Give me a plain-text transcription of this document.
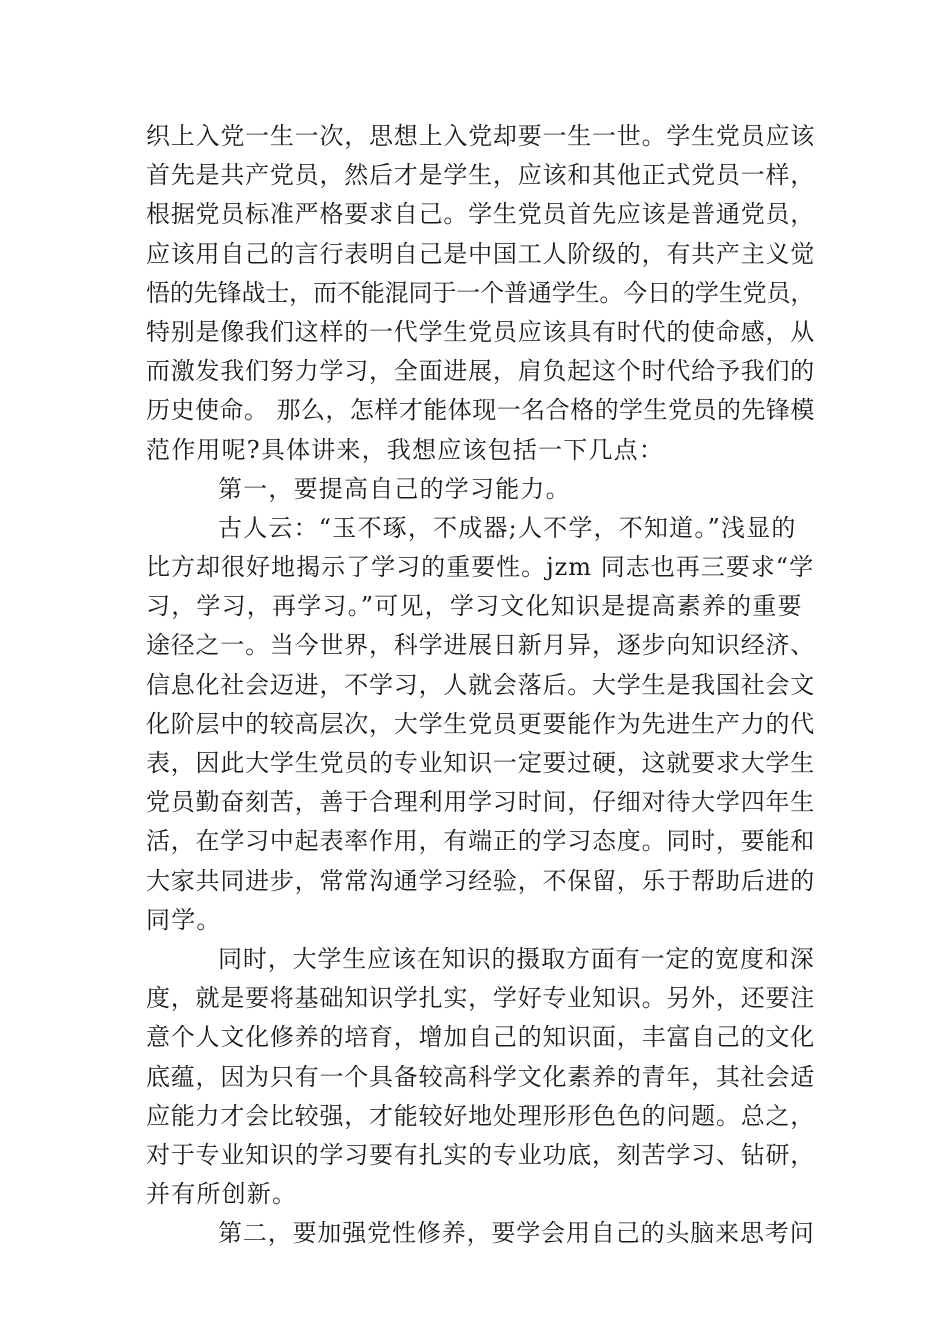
织上入党一生一次，思想上入党却要一生一世。学生党员应该
首先是共产党员，然后才是学生，应该和其他正式党员一样，
根据党员标准严格要求自己。学生党员首先应该是普通党员，
应该用自己的言行表明自己是中国工人阶级的，有共产主义觉
悟的先锋战士，而不能混同于一个普通学生。今日的学生党员，
特别是像我们这样的一代学生党员应该具有时代的使命感，从
而激发我们努力学习，全面进展，肩负起这个时代给予我们的
历史使命。 那么，怎样才能体现一名合格的学生党员的先锋模
范作用呢?具体讲来，我想应该包括一下几点：
第一，要提高自己的学习能力。
古人云：“玉不琢，不成器;人不学，不知道。”浅显的
比方却很好地揭示了学习的重要性。jzm 同志也再三要求“学
习，学习，再学习。”可见，学习文化知识是提高素养的重要
途径之一。当今世界，科学进展日新月异，逐步向知识经济、
信息化社会迈进，不学习，人就会落后。大学生是我国社会文
化阶层中的较高层次，大学生党员更要能作为先进生产力的代
表，因此大学生党员的专业知识一定要过硬，这就要求大学生
党员勤奋刻苦，善于合理利用学习时间，仔细对待大学四年生
活，在学习中起表率作用，有端正的学习态度。同时，要能和
大家共同进步，常常沟通学习经验，不保留，乐于帮助后进的
同学。
同时，大学生应该在知识的摄取方面有一定的宽度和深
度，就是要将基础知识学扎实，学好专业知识。另外，还要注
意个人文化修养的培育，增加自己的知识面，丰富自己的文化
底蕴，因为只有一个具备较高科学文化素养的青年，其社会适
应能力才会比较强，才能较好地处理形形色色的问题。总之，
对于专业知识的学习要有扎实的专业功底，刻苦学习、钻研，
并有所创新。
第二，要加强党性修养，要学会用自己的头脑来思考问
